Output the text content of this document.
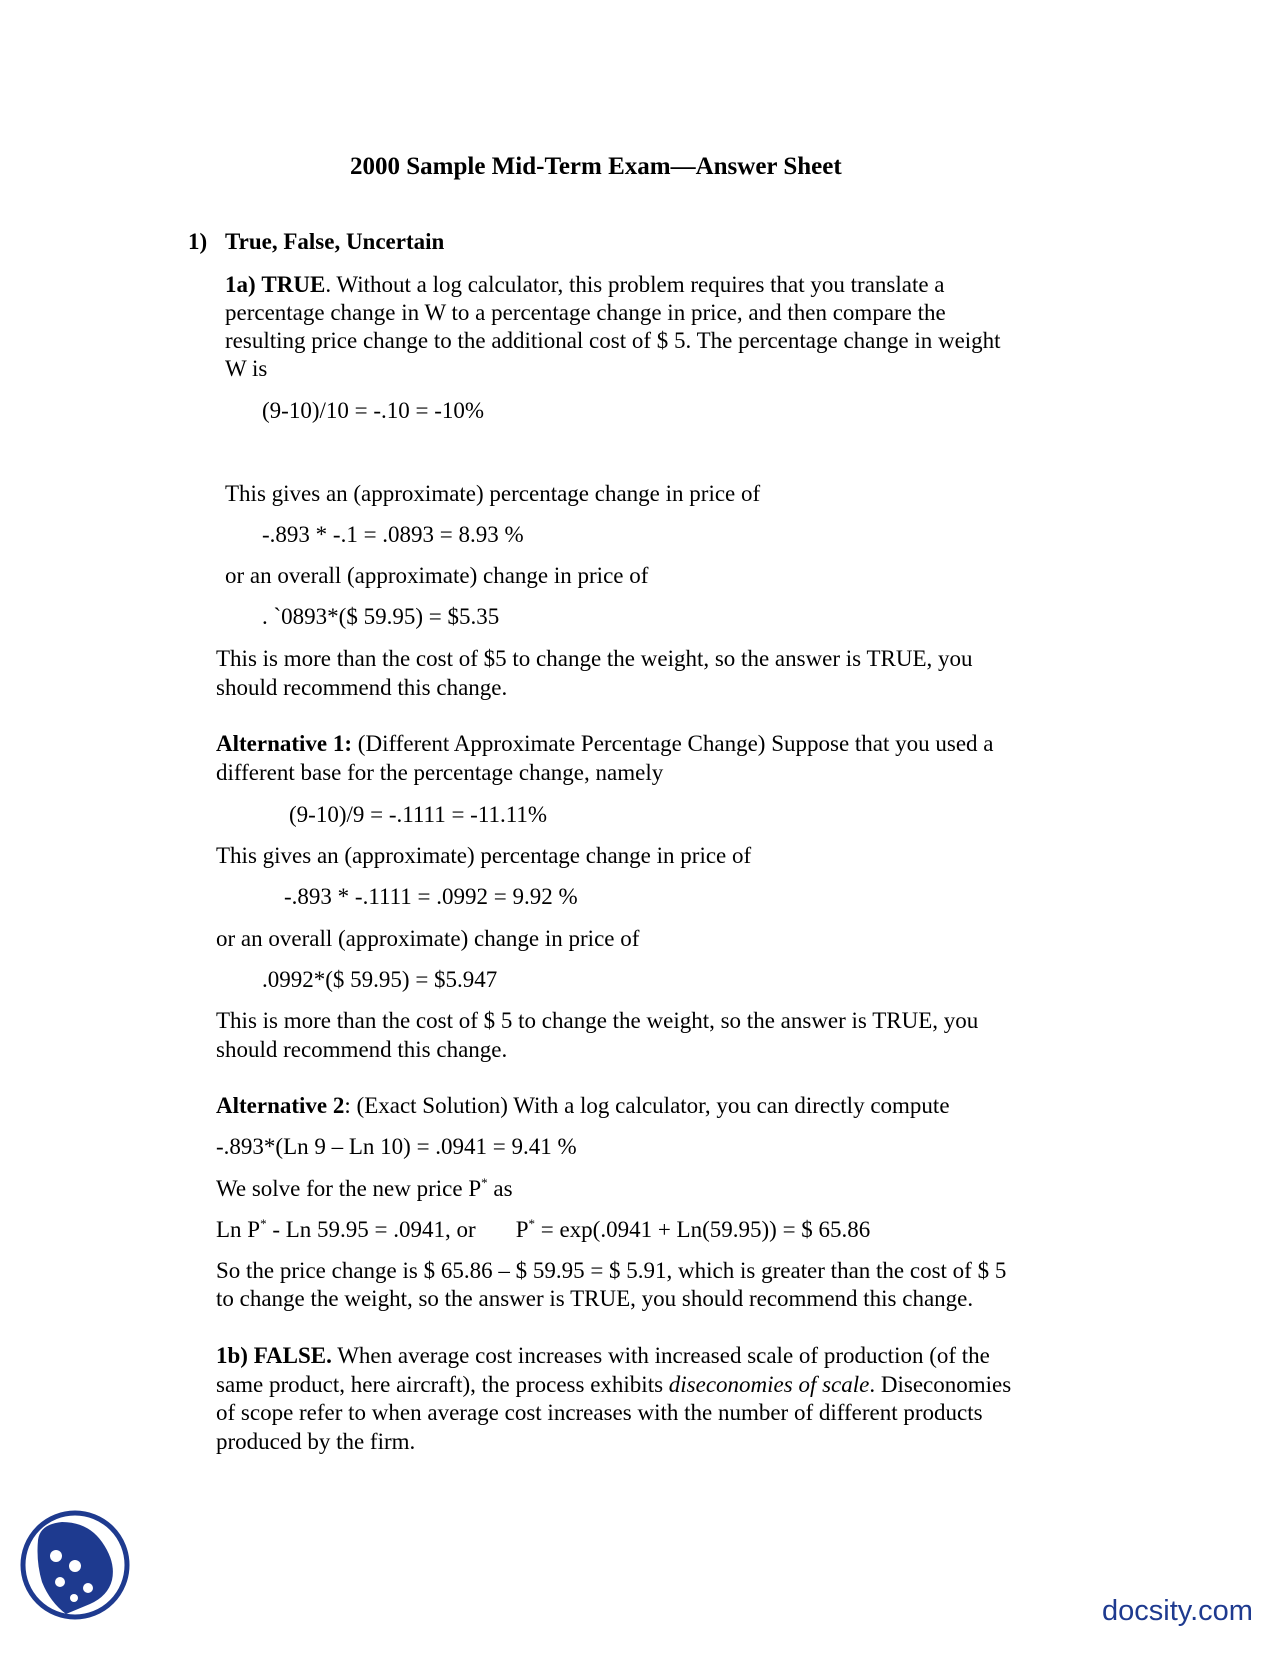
2000 Sample Mid-Term Exam—Answer Sheet
1) True, False, Uncertain
1a) TRUE. Without a log calculator, this problem requires that you translate a
percentage change in W to a percentage change in price, and then compare the
resulting price change to the additional cost of $ 5. The percentage change in weight
W is
(9-10)/10 = -.10 = -10%
This gives an (approximate) percentage change in price of
-.893 * -.1 = .0893 = 8.93 %
or an overall (approximate) change in price of
. `0893*($ 59.95) = $5.35
This is more than the cost of $5 to change the weight, so the answer is TRUE, you
should recommend this change.
Alternative 1: (Different Approximate Percentage Change) Suppose that you used a
different base for the percentage change, namely
(9-10)/9 = -.1111 = -11.11%
This gives an (approximate) percentage change in price of
-.893 * -.1111 = .0992 = 9.92 %
or an overall (approximate) change in price of
.0992*($ 59.95) = $5.947
This is more than the cost of $ 5 to change the weight, so the answer is TRUE, you
should recommend this change.
Alternative 2: (Exact Solution) With a log calculator, you can directly compute
-.893*(Ln 9 – Ln 10) = .0941 = 9.41 %
We solve for the new price P* as
Ln P* - Ln 59.95 = .0941, or P* = exp(.0941 + Ln(59.95)) = $ 65.86
So the price change is $ 65.86 – $ 59.95 = $ 5.91, which is greater than the cost of $ 5
to change the weight, so the answer is TRUE, you should recommend this change.
1b) FALSE. When average cost increases with increased scale of production (of the
same product, here aircraft), the process exhibits diseconomies of scale. Diseconomies
of scope refer to when average cost increases with the number of different products
produced by the firm.
docsity.com
